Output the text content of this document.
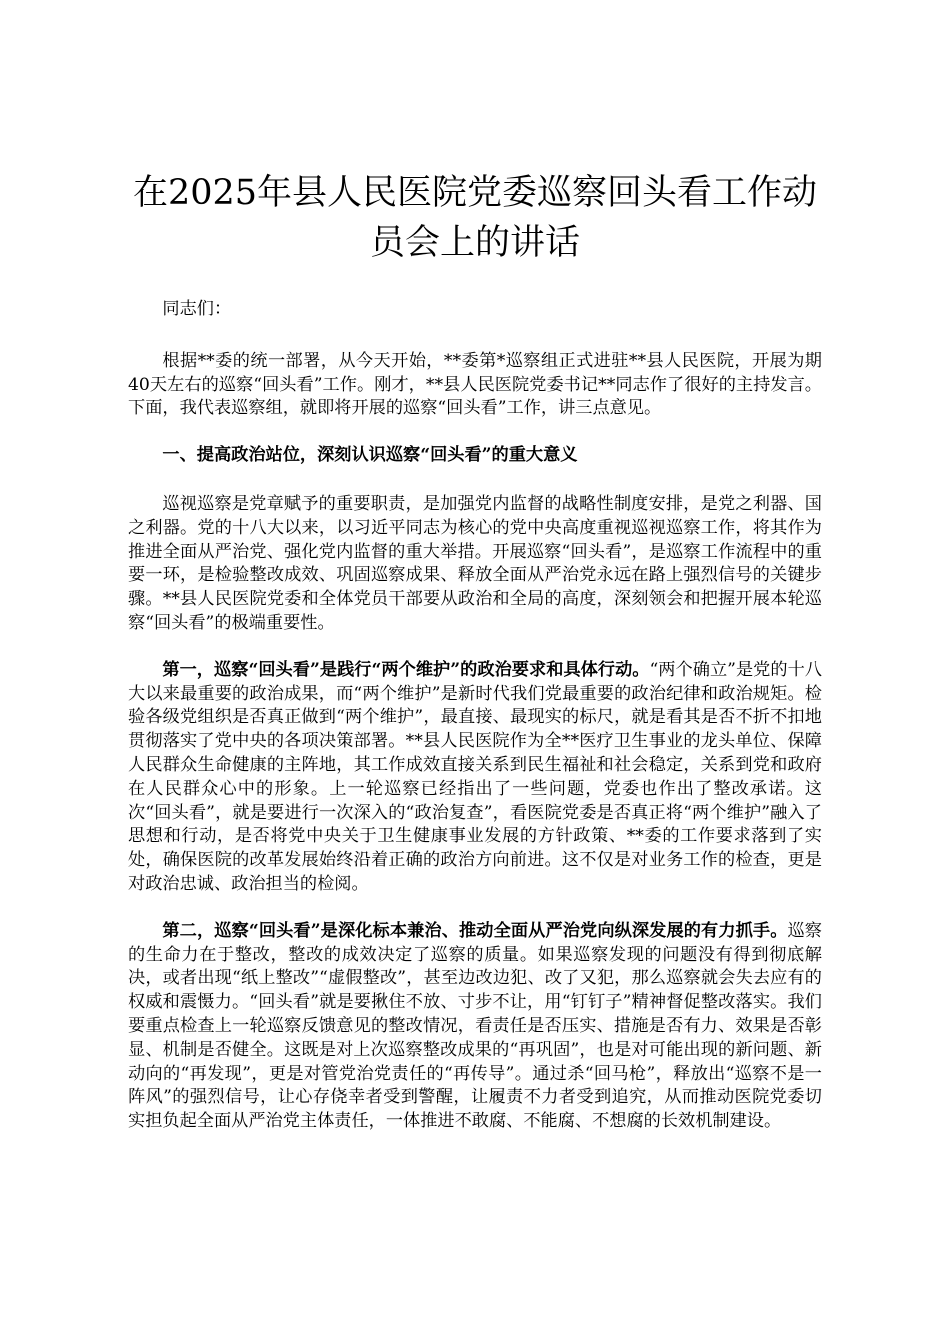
在2025年县人民医院党委巡察回头看工作动员会上的讲话

同志们：

根据**委的统一部署，从今天开始，**委第*巡察组正式进驻**县人民医院，开展为期40天左右的巡察“回头看”工作。刚才，**县人民医院党委书记**同志作了很好的主持发言。下面，我代表巡察组，就即将开展的巡察“回头看”工作，讲三点意见。

一、提高政治站位，深刻认识巡察“回头看”的重大意义

巡视巡察是党章赋予的重要职责，是加强党内监督的战略性制度安排，是党之利器、国之利器。党的十八大以来，以习近平同志为核心的党中央高度重视巡视巡察工作，将其作为推进全面从严治党、强化党内监督的重大举措。开展巡察“回头看”，是巡察工作流程中的重要一环，是检验整改成效、巩固巡察成果、释放全面从严治党永远在路上强烈信号的关键步骤。**县人民医院党委和全体党员干部要从政治和全局的高度，深刻领会和把握开展本轮巡察“回头看”的极端重要性。

第一，巡察“回头看”是践行“两个维护”的政治要求和具体行动。“两个确立”是党的十八大以来最重要的政治成果，而“两个维护”是新时代我们党最重要的政治纪律和政治规矩。检验各级党组织是否真正做到“两个维护”，最直接、最现实的标尺，就是看其是否不折不扣地贯彻落实了党中央的各项决策部署。**县人民医院作为全**医疗卫生事业的龙头单位、保障人民群众生命健康的主阵地，其工作成效直接关系到民生福祉和社会稳定，关系到党和政府在人民群众心中的形象。上一轮巡察已经指出了一些问题，党委也作出了整改承诺。这次“回头看”，就是要进行一次深入的“政治复查”，看医院党委是否真正将“两个维护”融入了思想和行动，是否将党中央关于卫生健康事业发展的方针政策、**委的工作要求落到了实处，确保医院的改革发展始终沿着正确的政治方向前进。这不仅是对业务工作的检查，更是对政治忠诚、政治担当的检阅。

第二，巡察“回头看”是深化标本兼治、推动全面从严治党向纵深发展的有力抓手。巡察的生命力在于整改，整改的成效决定了巡察的质量。如果巡察发现的问题没有得到彻底解决，或者出现“纸上整改”“虚假整改”，甚至边改边犯、改了又犯，那么巡察就会失去应有的权威和震慑力。“回头看”就是要揪住不放、寸步不让，用“钉钉子”精神督促整改落实。我们要重点检查上一轮巡察反馈意见的整改情况，看责任是否压实、措施是否有力、效果是否彰显、机制是否健全。这既是对上次巡察整改成果的“再巩固”，也是对可能出现的新问题、新动向的“再发现”，更是对管党治党责任的“再传导”。通过杀“回马枪”，释放出“巡察不是一阵风”的强烈信号，让心存侥幸者受到警醒，让履责不力者受到追究，从而推动医院党委切实担负起全面从严治党主体责任，一体推进不敢腐、不能腐、不想腐的长效机制建设。
